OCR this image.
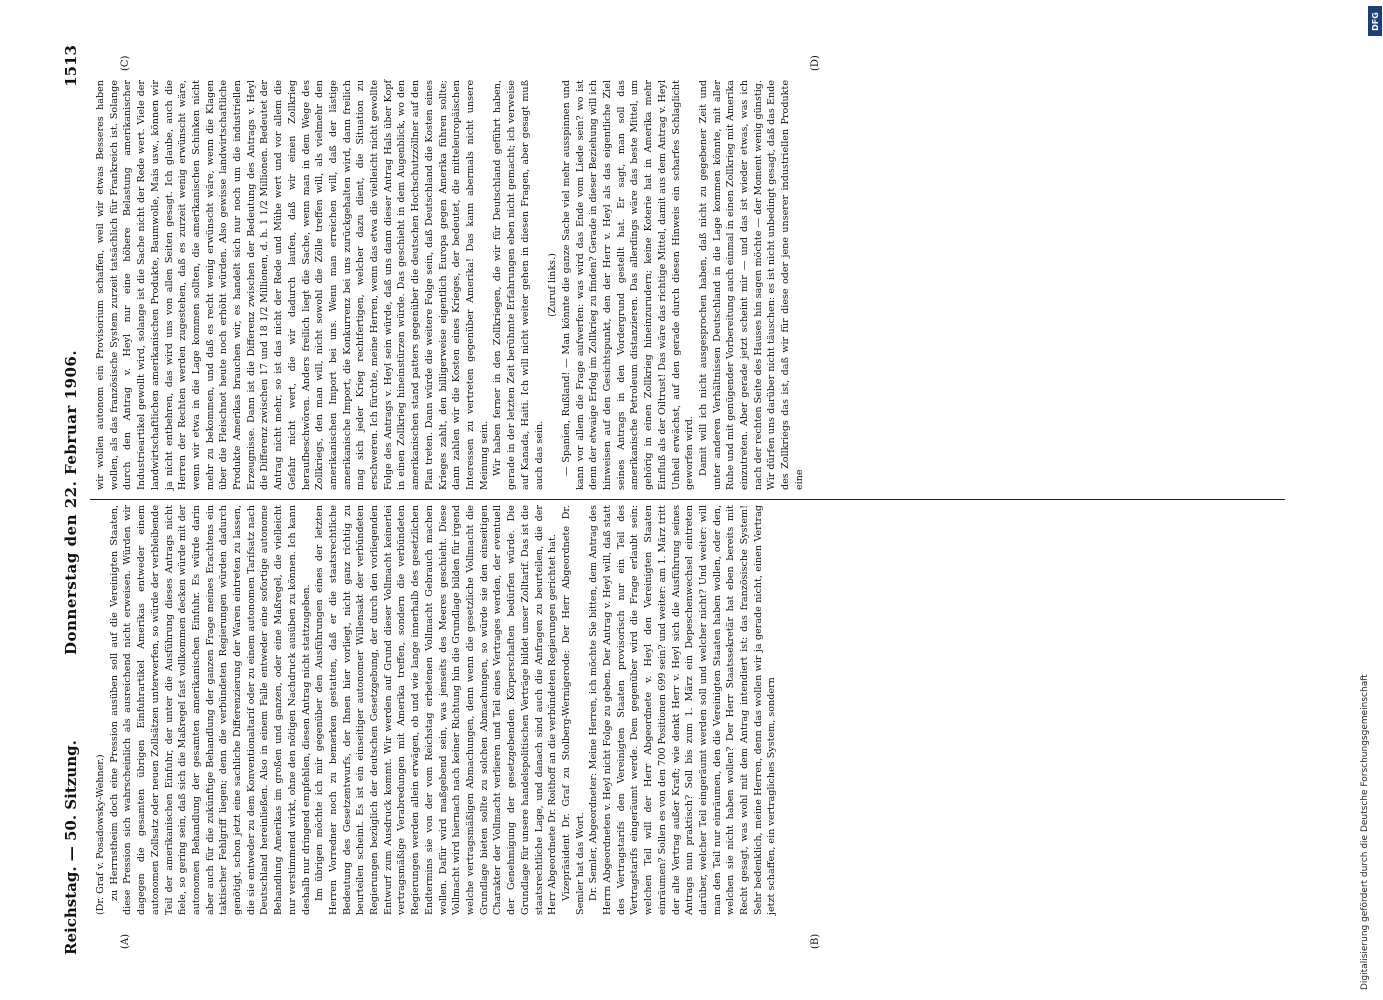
Reichstag. — 50. Sitzung.
Donnerstag den 22. Februar 1906.
1513
(A)	(B)
(C)	(D)

(Dr. Graf v. Posadowsky-Wehner.) zu Herrnstheim doch eine Pression ausüben soll auf die Vereinigten Staaten, diese Pression sich wahrscheinlich als ausreichend nicht erweisen. Würden wir dagegen die gesamten übrigen Einfuhrartikel Amerikas entweder einem autonomen Zollsatz oder neuen Zollsätzen unterwerfen, so würde der verbleibende Teil der amerikanischen Einfuhr, der unter die Ausführung dieses Antrags nicht fiele, so gering sein, daß sich die Maßregel fast vollkommen decken würde mit der autonomen Behandlung der gesamten amerikanischen Einfuhr. Es würde darin aber auch für die zukünftige Behandlung der ganzen Frage meines Erachtens ein taktischer Fehlgriff liegen; denn die verbündeten Regierungen würden dadurch genötigt, schon jetzt eine sachliche Differenzierung der Waren eintreten zu lassen, die sie entweder zu dem Konventionaltarif oder zu einem autonomen Tarifsatz nach Deutschland hereinließen. Also in einem Falle entweder eine sofortige autonome Behandlung Amerikas im großen und ganzen, oder eine Maßregel, die vielleicht nur verstimmend wirkt, ohne den nötigen Nachdruck ausüben zu können. Ich kann deshalb nur dringend empfehlen, diesen Antrag nicht stattzugeben. Im übrigen möchte ich mir gegenüber den Ausführungen eines der letzten Herren Vorredner noch zu bemerken gestatten, daß er die staatsrechtliche Bedeutung des Gesetzentwurfs, der Ihnen hier vorliegt, nicht ganz richtig zu beurteilen scheint. Es ist ein einseitiger autonomer Willensakt der verbündeten Regierungen bezüglich der deutschen Gesetzgebung, der durch den vorliegenden Entwurf zum Ausdruck kommt. Wir werden auf Grund dieser Vollmacht keinerlei vertragsmäßige Verabredungen mit Amerika treffen, sondern die verbündeten Regierungen werden allein erwägen, ob und wie lange innerhalb des gesetzlichen Endtermins sie von der vom Reichstag erbetenen Vollmacht Gebrauch machen wollen. Dafür wird maßgebend sein, was jenseits des Meeres geschieht. Diese Vollmacht wird hiernach nach keiner Richtung hin die Grundlage bilden für irgend welche vertragsmäßigen Abmachungen, denn wenn die gesetzliche Vollmacht die Grundlage bieten sollte zu solchen Abmachungen, so würde sie den einseitigen Charakter der Vollmacht verlieren und Teil eines Vertrages werden, der eventuell der Genehmigung der gesetzgebenden Körperschaften bedürfen würde. Die Grundlage für unsere handelspolitischen Verträge bildet unser Zolltarif. Das ist die staatsrechtliche Lage, und danach sind auch die Anfragen zu beurteilen, die der Herr Abgeordnete Dr. Roithoff an die verbündeten Regierungen gerichtet hat. Vizepräsident Dr. Graf zu Stolberg-Wernigerode: Der Herr Abgeordnete Dr. Semler hat das Wort. Dr. Semler, Abgeordneter: Meine Herren, ich möchte Sie bitten, dem Antrag des Herrn Abgeordneten v. Heyl nicht Folge zu geben. Der Antrag v. Heyl will, daß statt des Vertragstarifs den Vereinigten Staaten provisorisch nur ein Teil des Vertragstarifs eingeräumt werde. Dem gegenüber wird die Frage erlaubt sein: welchen Teil will der Herr Abgeordnete v. Heyl den Vereinigten Staaten einräumen? Sollen es von den 700 Positionen 699 sein? und weiter: am 1. März tritt der alte Vertrag außer Kraft; wie denkt Herr v. Heyl sich die Ausführung seines Antrags nun praktisch? Soll bis zum 1. März ein Depeschenwechsel eintreten darüber, welcher Teil eingeräumt werden soll und welcher nicht? Und weiter: will man den Teil nur einräumen, den die Vereinigten Staaten haben wollen, oder den, welchen sie nicht haben wollen? Der Herr Staatssekretär hat eben bereits mit Recht gesagt, was wohl mit dem Antrag intendiert ist: das französische System! Sehr bedenklich, meine Herren, denn das wollen wir ja gerade nicht, einen Vertrag jetzt schaffen, ein vertragliches System, sondern

wir wollen autonom ein Provisorium schaffen, weil wir etwas Besseres haben wollen, als das französische System zurzeit tatsächlich für Frankreich ist. Solange durch den Antrag v. Heyl nur eine höhere Belastung amerikanischer Industrieartikel gewollt wird, solange ist die Sache nicht der Rede wert. Viele der landwirtschaftlichen amerikanischen Produkte, Baumwolle, Mais usw., können wir ja nicht entbehren, das wird uns von allen Seiten gesagt. Ich glaube, auch die Herren der Rechten werden zugestehen, daß es zurzeit wenig erwünscht wäre, wenn wir etwa in die Lage kommen sollten, die amerikanischen Schinken nicht mehr zu bekommen, und daß es recht wenig erwünscht wäre, wenn die Klagen über die Fleischnot heute noch erhöht würden. Also gewisse landwirtschaftliche Produkte Amerikas brauchen wir, es handelt sich nur noch um die industriellen Erzeugnisse. Dann ist die Differenz zwischen der Bedeutung des Antrags v. Heyl die Differenz zwischen 17 und 18 1/2 Millionen, d. h. 1 1/2 Millionen. Bedeutet der Antrag nicht mehr, so ist das nicht der Rede und Mühe wert und vor allem die Gefahr nicht wert, die wir dadurch laufen, daß wir einen Zollkrieg heraufbeschwören. Anders freilich liegt die Sache, wenn man in dem Wege des Zollkriegs, den man will, nicht sowohl die Zölle treffen will, als vielmehr den amerikanischen Import bei uns. Wenn man erreichen will, daß der lästige amerikanische Import, die Konkurrenz bei uns zurückgehalten wird, dann freilich mag sich jeder Krieg rechtfertigen, welcher dazu dient, die Situation zu erschweren. Ich fürchte, meine Herren, wenn das etwa die vielleicht nicht gewollte Folge des Antrags v. Heyl sein würde, daß uns dann dieser Antrag Hals über Kopf in einen Zollkrieg hineinstürzen würde. Das geschieht in dem Augenblick, wo den amerikanischen stand patters gegenüber die deutschen Hochschutzzöllner auf den Plan treten. Dann würde die weitere Folge sein, daß Deutschland die Kosten eines Krieges zahlt, den billigerweise eigentlich Europa gegen Amerika führen sollte; dann zahlen wir die Kosten eines Krieges, der bedeutet, die mitteleuropäischen Interessen zu vertreten gegenüber Amerika! Das kann abermals nicht unsere Meinung sein. Wir haben ferner in den Zollkriegen, die wir für Deutschland geführt haben, gerade in der letzten Zeit berühmte Erfahrungen eben nicht gemacht; ich verweise auf Kanada, Haiti. Ich will nicht weiter gehen in diesen Fragen, aber gesagt muß auch das sein.

(Zuruf links.) — Spanien, Rußland! — Man könnte die ganze Sache viel mehr ausspinnen und kann vor allem die Frage aufwerfen: was wird das Ende vom Liede sein? wo ist denn der etwaige Erfolg im Zollkrieg zu finden? Gerade in dieser Beziehung will ich hinweisen auf den Gesichtspunkt, den der Herr v. Heyl als das eigentliche Ziel seines Antrags in den Vordergrund gestellt hat. Er sagt, man soll das amerikanische Petroleum distanzieren. Das allerdings wäre das beste Mittel, um gehörig in einen Zollkrieg hineinzurudern; keine Koterie hat in Amerika mehr Einfluß als der Oiltrust! Das wäre das richtige Mittel, damit aus dem Antrag v. Heyl Unheil erwächst, auf den gerade durch diesen Hinweis ein scharfes Schlaglicht geworfen wird. Damit will ich nicht ausgesprochen haben, daß nicht zu gegebener Zeit und unter anderen Verhältnissen Deutschland in die Lage kommen könnte, mit aller Ruhe und mit genügender Vorbereitung auch einmal in einen Zollkrieg mit Amerika einzutreten. Aber gerade jetzt scheint mir — und das ist wieder etwas, was ich nach der rechten Seite des Hauses hin sagen möchte — der Moment wenig günstig. Wir dürfen uns darüber nicht täuschen: es ist nicht unbedingt gesagt, daß das Ende des Zollkriegs das ist, daß wir für diese oder jene unserer industriellen Produkte eine

DFG
Digitalisierung gefördert durch die Deutsche Forschungsgemeinschaft
